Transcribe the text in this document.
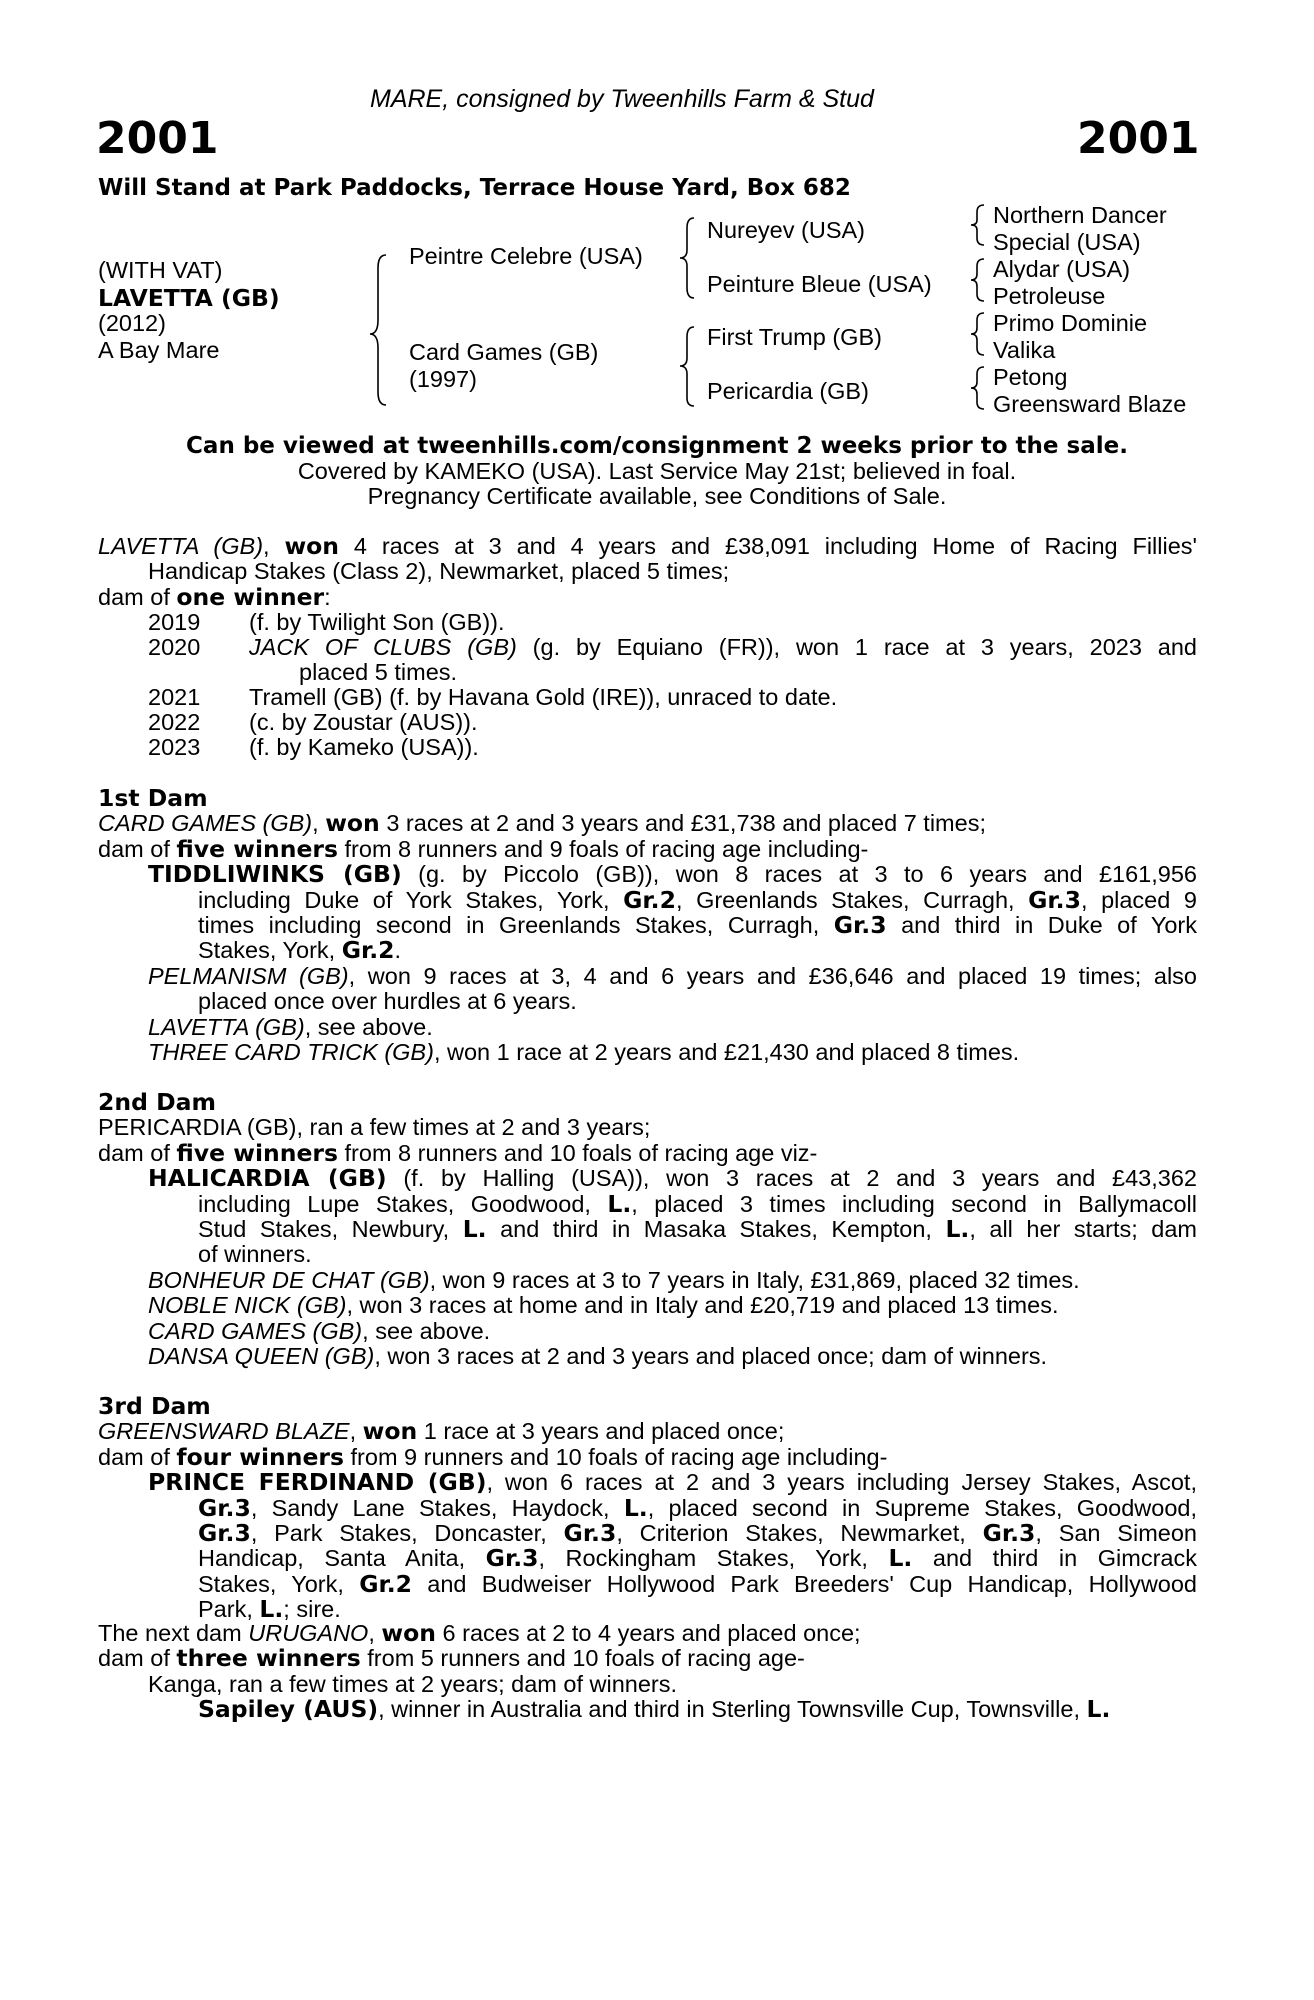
MARE, consigned by Tweenhills Farm & Stud
2001	2001
Will Stand at Park Paddocks, Terrace House Yard, Box 682
(WITH VAT)
LAVETTA (GB)
(2012)
A Bay Mare
Peintre Celebre (USA)
Card Games (GB)
(1997)
Nureyev (USA)
Peinture Bleue (USA)
First Trump (GB)
Pericardia (GB)
Northern Dancer
Special (USA)
Alydar (USA)
Petroleuse
Primo Dominie
Valika
Petong
Greensward Blaze
Can be viewed at tweenhills.com/consignment 2 weeks prior to the sale.
Covered by KAMEKO (USA). Last Service May 21st; believed in foal.
Pregnancy Certificate available, see Conditions of Sale.
LAVETTA (GB), won 4 races at 3 and 4 years and £38,091 including Home of Racing Fillies'
Handicap Stakes (Class 2), Newmarket, placed 5 times;
dam of one winner:
2019 (f. by Twilight Son (GB)).
2020 JACK OF CLUBS (GB) (g. by Equiano (FR)), won 1 race at 3 years, 2023 and
placed 5 times.
2021 Tramell (GB) (f. by Havana Gold (IRE)), unraced to date.
2022 (c. by Zoustar (AUS)).
2023 (f. by Kameko (USA)).
1st Dam
CARD GAMES (GB), won 3 races at 2 and 3 years and £31,738 and placed 7 times;
dam of five winners from 8 runners and 9 foals of racing age including-
TIDDLIWINKS (GB) (g. by Piccolo (GB)), won 8 races at 3 to 6 years and £161,956
including Duke of York Stakes, York, Gr.2, Greenlands Stakes, Curragh, Gr.3, placed 9
times including second in Greenlands Stakes, Curragh, Gr.3 and third in Duke of York
Stakes, York, Gr.2.
PELMANISM (GB), won 9 races at 3, 4 and 6 years and £36,646 and placed 19 times; also
placed once over hurdles at 6 years.
LAVETTA (GB), see above.
THREE CARD TRICK (GB), won 1 race at 2 years and £21,430 and placed 8 times.
2nd Dam
PERICARDIA (GB), ran a few times at 2 and 3 years;
dam of five winners from 8 runners and 10 foals of racing age viz-
HALICARDIA (GB) (f. by Halling (USA)), won 3 races at 2 and 3 years and £43,362
including Lupe Stakes, Goodwood, L., placed 3 times including second in Ballymacoll
Stud Stakes, Newbury, L. and third in Masaka Stakes, Kempton, L., all her starts; dam
of winners.
BONHEUR DE CHAT (GB), won 9 races at 3 to 7 years in Italy, £31,869, placed 32 times.
NOBLE NICK (GB), won 3 races at home and in Italy and £20,719 and placed 13 times.
CARD GAMES (GB), see above.
DANSA QUEEN (GB), won 3 races at 2 and 3 years and placed once; dam of winners.
3rd Dam
GREENSWARD BLAZE, won 1 race at 3 years and placed once;
dam of four winners from 9 runners and 10 foals of racing age including-
PRINCE FERDINAND (GB), won 6 races at 2 and 3 years including Jersey Stakes, Ascot,
Gr.3, Sandy Lane Stakes, Haydock, L., placed second in Supreme Stakes, Goodwood,
Gr.3, Park Stakes, Doncaster, Gr.3, Criterion Stakes, Newmarket, Gr.3, San Simeon
Handicap, Santa Anita, Gr.3, Rockingham Stakes, York, L. and third in Gimcrack
Stakes, York, Gr.2 and Budweiser Hollywood Park Breeders' Cup Handicap, Hollywood
Park, L.; sire.
The next dam URUGANO, won 6 races at 2 to 4 years and placed once;
dam of three winners from 5 runners and 10 foals of racing age-
Kanga, ran a few times at 2 years; dam of winners.
Sapiley (AUS), winner in Australia and third in Sterling Townsville Cup, Townsville, L.
